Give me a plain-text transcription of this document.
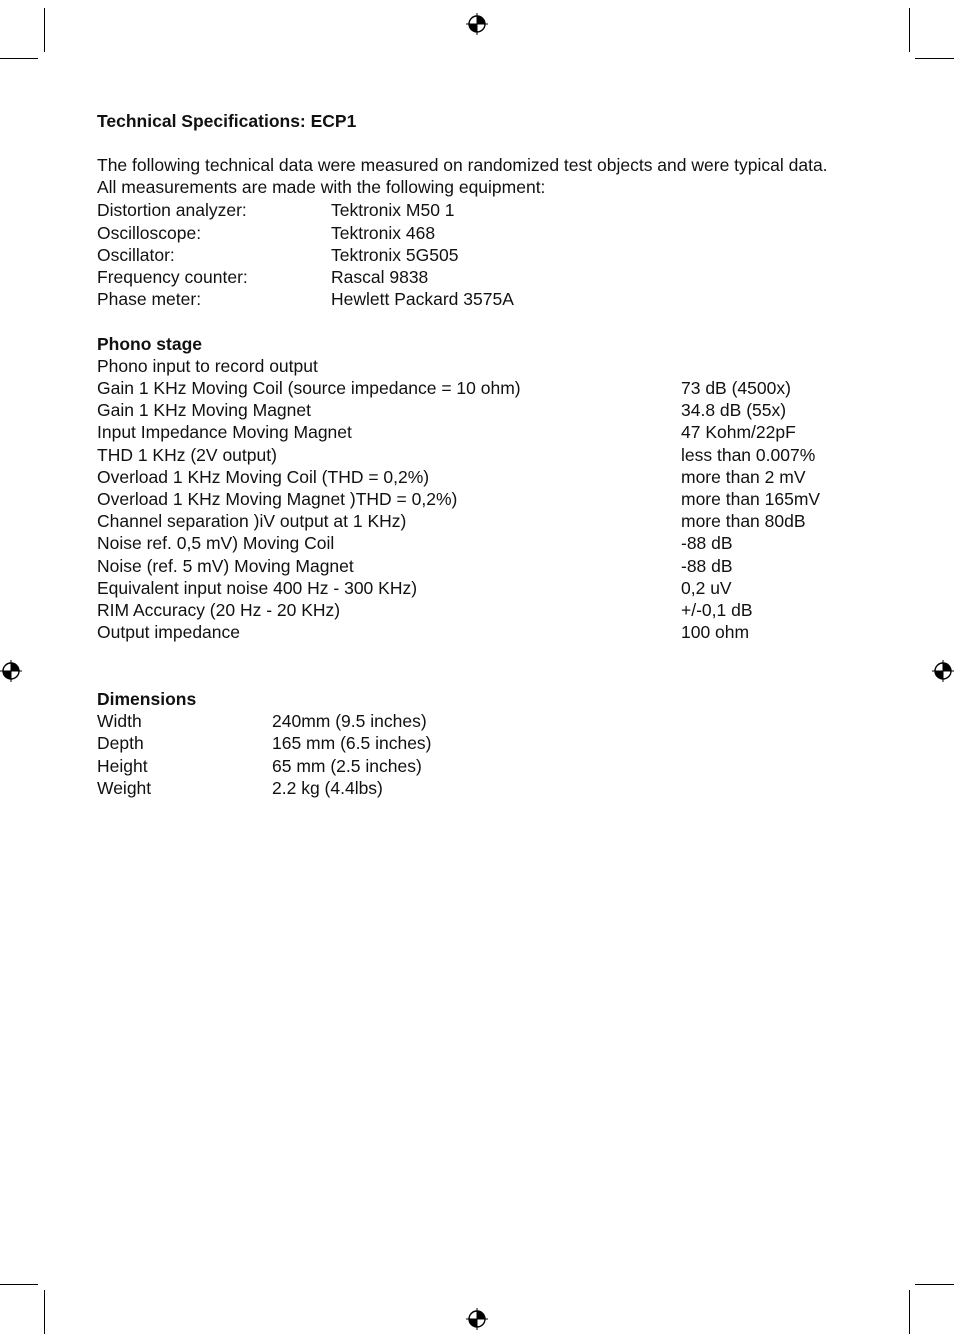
Technical Specifications: ECP1
The following technical data were measured on randomized test objects and were typical data. All measurements are made with the following equipment:
Distortion analyzer:	Tektronix M50 1
Oscilloscope:	Tektronix 468
Oscillator:	Tektronix 5G505
Frequency counter:	Rascal 9838
Phase meter:	Hewlett Packard 3575A
Phono stage
Phono input to record output
Gain 1 KHz Moving Coil (source impedance = 10 ohm)	73 dB (4500x)
Gain 1 KHz Moving Magnet	34.8 dB (55x)
Input Impedance Moving Magnet	47 Kohm/22pF
THD 1 KHz (2V output)	less than 0.007%
Overload 1 KHz Moving Coil (THD = 0,2%)	more than 2 mV
Overload 1 KHz Moving Magnet )THD = 0,2%)	more than 165mV
Channel separation )iV output at 1 KHz)	more than 80dB
Noise ref. 0,5 mV) Moving Coil	-88 dB
Noise (ref. 5 mV) Moving Magnet	-88 dB
Equivalent input noise 400 Hz - 300 KHz)	0,2 uV
RIM Accuracy (20 Hz - 20 KHz)	+/-0,1 dB
Output impedance	100 ohm
Dimensions
Width	240mm (9.5 inches)
Depth	165 mm (6.5 inches)
Height	65 mm (2.5 inches)
Weight	2.2 kg (4.4lbs)
